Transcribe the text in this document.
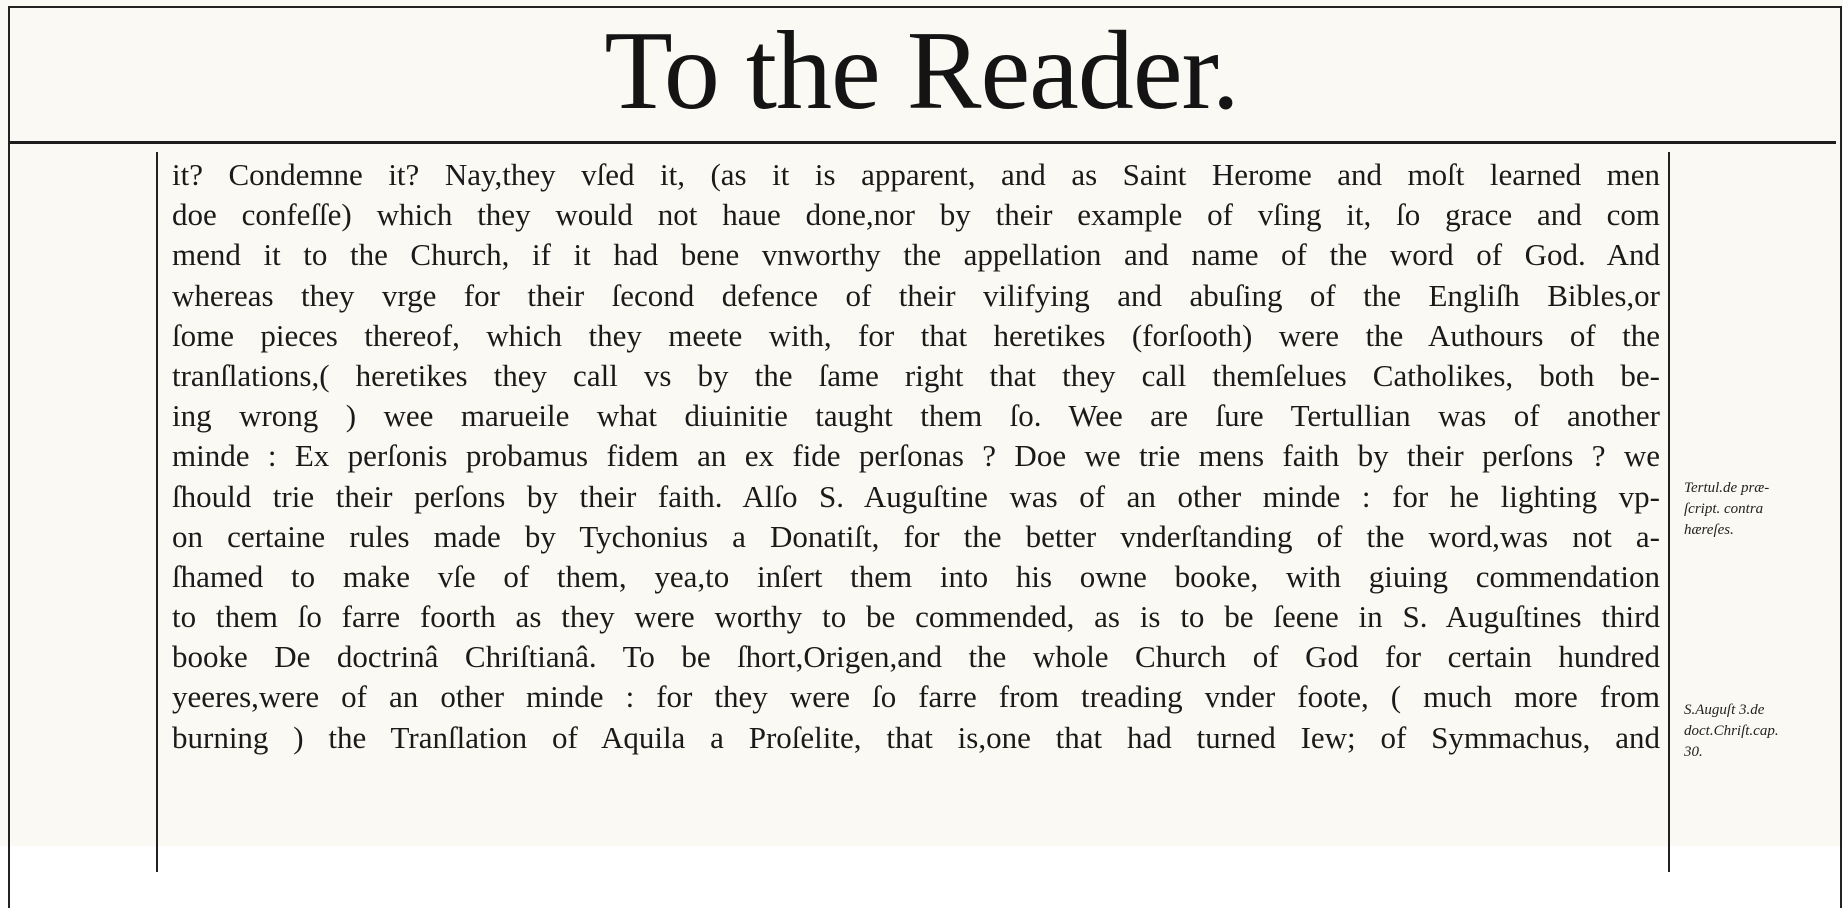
To the Reader.
it? Condemne it? Nay,they vſed it, (as it is apparent, and as Saint Herome and moſt learned men
doe confeſſe) which they would not haue done,nor by their example of vſing it, ſo grace and com
mend it to the Church, if it had bene vnworthy the appellation and name of the word of God. And
whereas they vrge for their ſecond defence of their vilifying and abuſing of the Engliſh Bibles,or
ſome pieces thereof, which they meete with, for that heretikes (forſooth) were the Authours of the
tranſlations,( heretikes they call vs by the ſame right that they call themſelues Catholikes, both be-
ing wrong ) wee marueile what diuinitie taught them ſo. Wee are ſure Tertullian was of another
minde : Ex perſonis probamus fidem an ex fide perſonas ? Doe we trie mens faith by their perſons ? we
ſhould trie their perſons by their faith. Alſo S. Auguſtine was of an other minde : for he lighting vp-
on certaine rules made by Tychonius a Donatiſt, for the better vnderſtanding of the word,was not a-
ſhamed to make vſe of them, yea,to inſert them into his owne booke, with giuing commendation
to them ſo farre foorth as they were worthy to be commended, as is to be ſeene in S. Auguſtines third
booke De doctrinâ Chriſtianâ. To be ſhort,Origen,and the whole Church of God for certain hundred
yeeres,were of an other minde : for they were ſo farre from treading vnder foote, ( much more from
burning ) the Tranſlation of Aquila a Proſelite, that is,one that had turned Iew; of Symmachus, and

Tertul.de præ-
ſcript. contra
hæreſes.

S.Auguſt 3.de
doct.Chriſt.cap.
30.
